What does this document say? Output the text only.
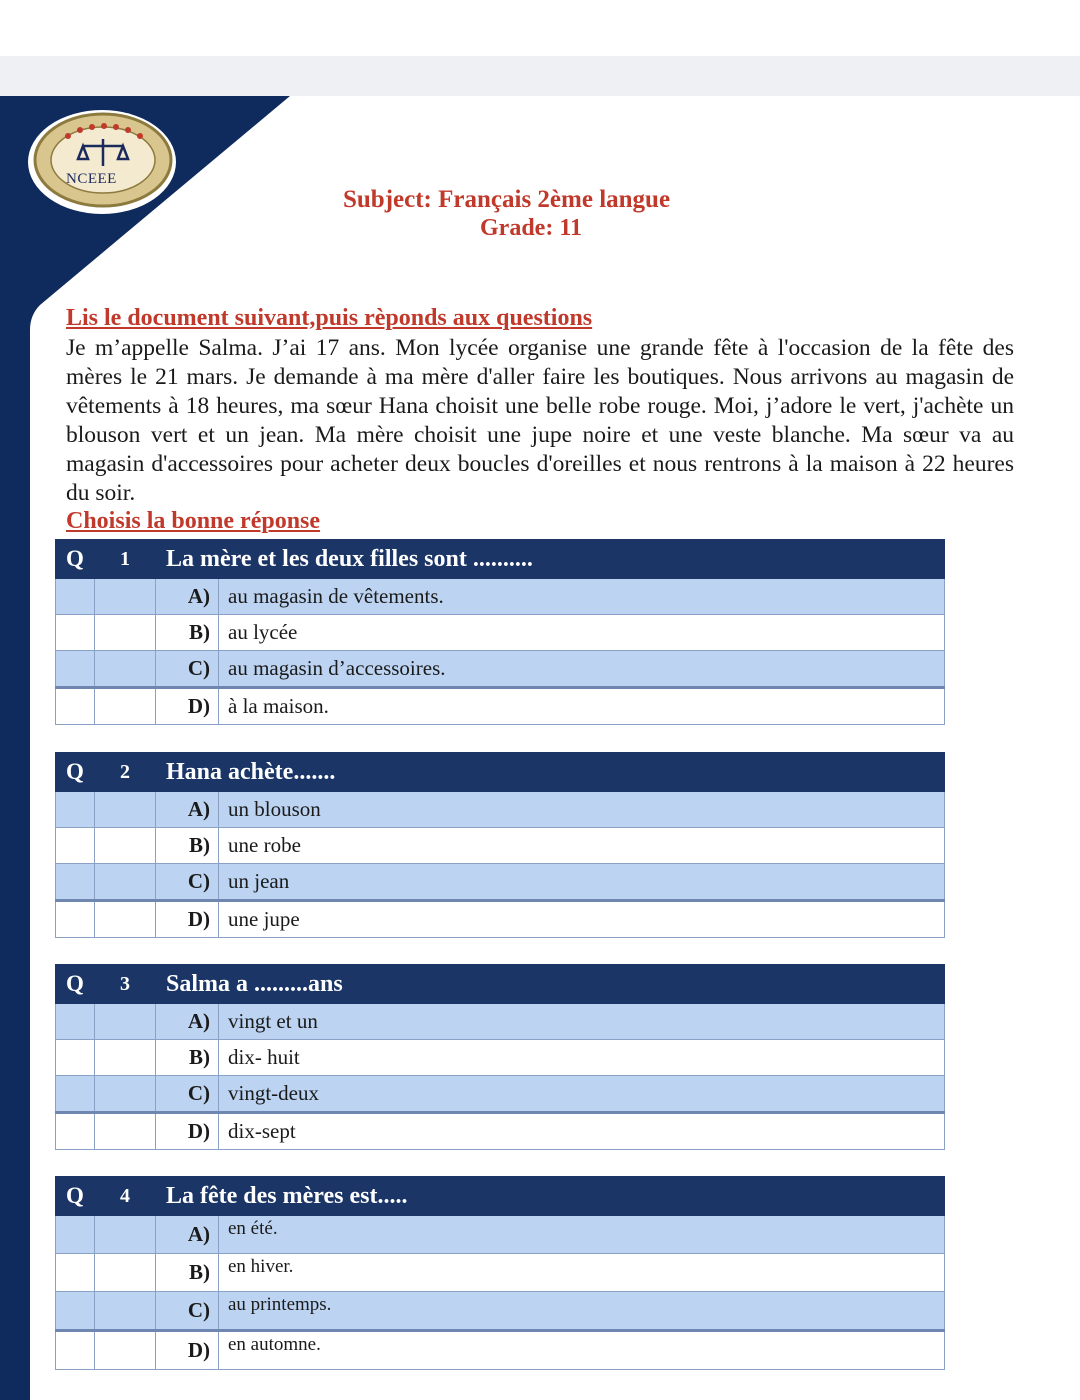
NCEEE
Subject: Français 2ème langue
Grade: 11
Lis le document suivant,puis rèponds aux questions

Je m’appelle Salma. J’ai 17 ans. Mon lycée organise une grande fête à l'occasion de la fête des mères le 21 mars. Je demande à ma mère d'aller faire les boutiques. Nous arrivons au magasin de vêtements à 18 heures, ma sœur Hana choisit une belle robe rouge. Moi, j’adore le vert, j'achète un blouson vert et un jean. Ma mère choisit une jupe noire et une veste blanche. Ma sœur va au magasin d'accessoires pour acheter deux boucles d'oreilles et nous rentrons à la maison à 22 heures du soir.

Choisis la bonne réponse
Q	1	La mère et les deux filles sont ..........	
		A)	au magasin de vêtements.
		B)	au lycée
		C)	au magasin d’accessoires.
		D)	à la maison.
Q	2	Hana achète.......	
		A)	un blouson
		B)	une robe
		C)	un jean
		D)	une jupe
Q	3	Salma a .........ans	
		A)	vingt et un
		B)	dix- huit
		C)	vingt-deux
		D)	dix-sept
Q	4	La fête des mères est.....	
		A)	en été.
		B)	en hiver.
		C)	au printemps.
		D)	en automne.
